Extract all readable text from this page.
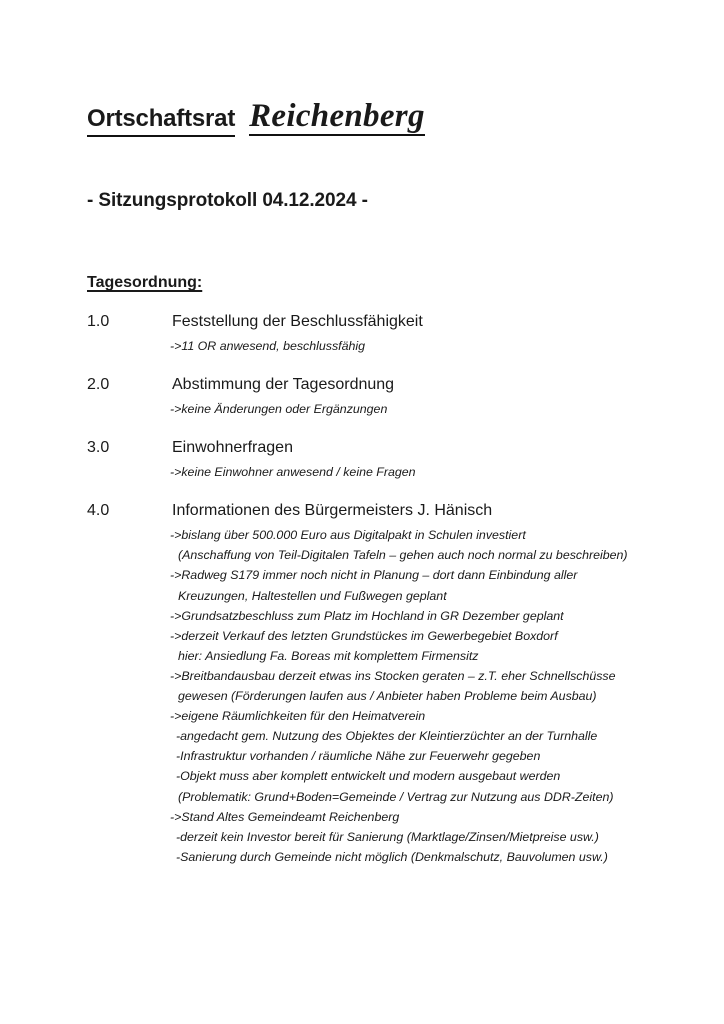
Ortschaftsrat Reichenberg
- Sitzungsprotokoll 04.12.2024 -
Tagesordnung:
1.0	Feststellung der Beschlussfähigkeit
->11 OR anwesend, beschlussfähig
2.0	Abstimmung der Tagesordnung
->keine Änderungen oder Ergänzungen
3.0	Einwohnerfragen
->keine Einwohner anwesend / keine Fragen
4.0	Informationen des Bürgermeisters J. Hänisch
->bislang über 500.000 Euro aus Digitalpakt in Schulen investiert
(Anschaffung von Teil-Digitalen Tafeln – gehen auch noch normal zu beschreiben)
->Radweg S179 immer noch nicht in Planung – dort dann Einbindung aller
Kreuzungen, Haltestellen und Fußwegen geplant
->Grundsatzbeschluss zum Platz im Hochland in GR Dezember geplant
->derzeit Verkauf des letzten Grundstückes im Gewerbegebiet Boxdorf
hier: Ansiedlung Fa. Boreas mit komplettem Firmensitz
->Breitbandausbau derzeit etwas ins Stocken geraten – z.T. eher Schnellschüsse
gewesen (Förderungen laufen aus / Anbieter haben Probleme beim Ausbau)
->eigene Räumlichkeiten für den Heimatverein
-angedacht gem. Nutzung des Objektes der Kleintierzüchter an der Turnhalle
-Infrastruktur vorhanden / räumliche Nähe zur Feuerwehr gegeben
-Objekt muss aber komplett entwickelt und modern ausgebaut werden
(Problematik: Grund+Boden=Gemeinde / Vertrag zur Nutzung aus DDR-Zeiten)
->Stand Altes Gemeindeamt Reichenberg
-derzeit kein Investor bereit für Sanierung (Marktlage/Zinsen/Mietpreise usw.)
-Sanierung durch Gemeinde nicht möglich (Denkmalschutz, Bauvolumen usw.)
